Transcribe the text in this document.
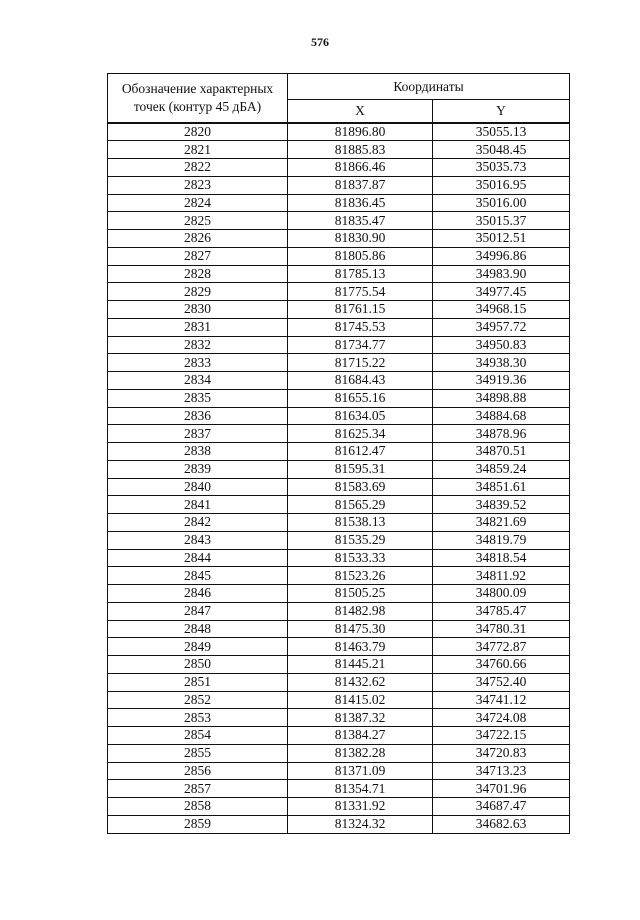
576
Обозначение характерных
точек (контур 45 дБА)	Координаты	
	X	Y
2820	81896.80	35055.13
2821	81885.83	35048.45
2822	81866.46	35035.73
2823	81837.87	35016.95
2824	81836.45	35016.00
2825	81835.47	35015.37
2826	81830.90	35012.51
2827	81805.86	34996.86
2828	81785.13	34983.90
2829	81775.54	34977.45
2830	81761.15	34968.15
2831	81745.53	34957.72
2832	81734.77	34950.83
2833	81715.22	34938.30
2834	81684.43	34919.36
2835	81655.16	34898.88
2836	81634.05	34884.68
2837	81625.34	34878.96
2838	81612.47	34870.51
2839	81595.31	34859.24
2840	81583.69	34851.61
2841	81565.29	34839.52
2842	81538.13	34821.69
2843	81535.29	34819.79
2844	81533.33	34818.54
2845	81523.26	34811.92
2846	81505.25	34800.09
2847	81482.98	34785.47
2848	81475.30	34780.31
2849	81463.79	34772.87
2850	81445.21	34760.66
2851	81432.62	34752.40
2852	81415.02	34741.12
2853	81387.32	34724.08
2854	81384.27	34722.15
2855	81382.28	34720.83
2856	81371.09	34713.23
2857	81354.71	34701.96
2858	81331.92	34687.47
2859	81324.32	34682.63
